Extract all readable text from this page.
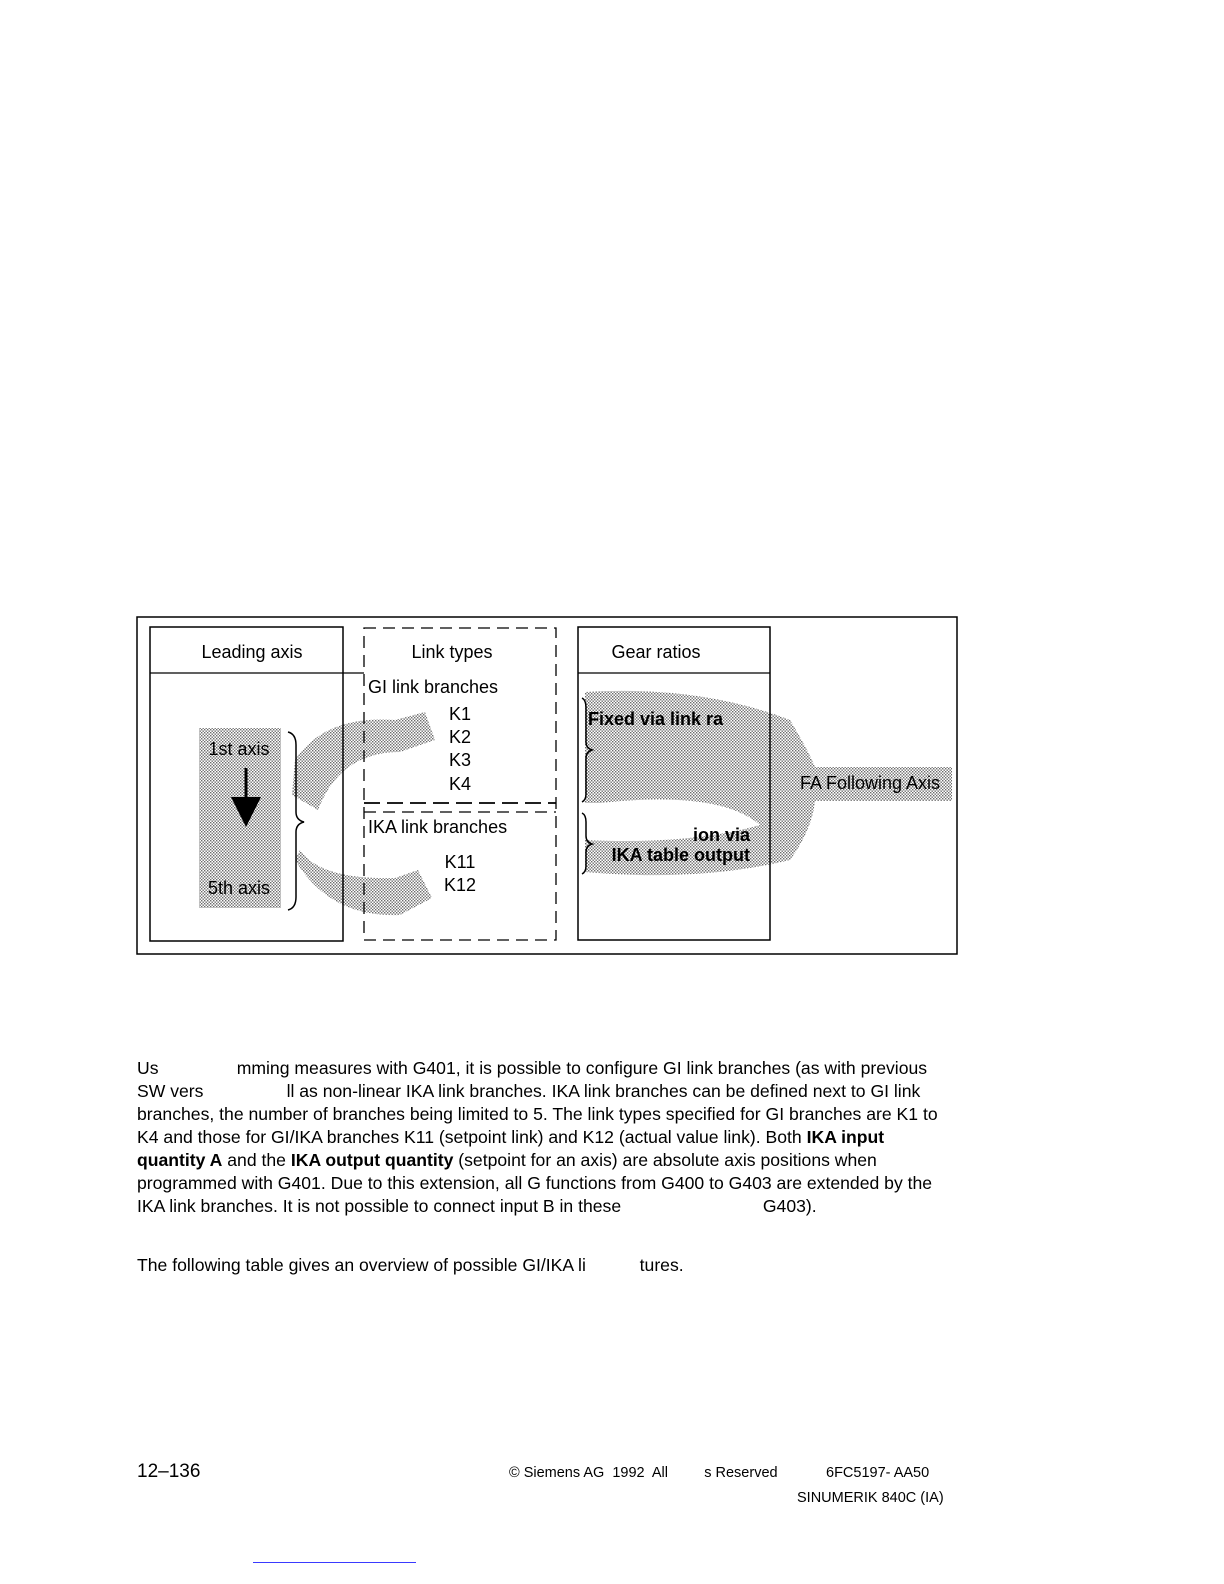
Leading axis	Link types	Gear ratios
GI link branches
K1
K2
K3
K4
IKA link branches
K11
K12
1st axis
5th axis
Fixed via link ra
ion via
IKA table output
FA Following Axis

Us                mming measures with G401, it is possible to configure GI link branches (as with previous SW vers                 ll as non-linear IKA link branches. IKA link branches can be defined next to GI link branches, the number of branches being limited to 5. The link types specified for GI branches are K1 to K4 and those for GI/IKA branches K11 (setpoint link) and K12 (actual value link). Both IKA input quantity A and the IKA output quantity (setpoint for an axis) are absolute axis positions when programmed with G401. Due to this extension, all G functions from G400 to G403 are extended by the IKA link branches. It is not possible to connect input B in these                             G403).

The following table gives an overview of possible GI/IKA li           tures.

12–136	© Siemens AG  1992  All         s Reserved	6FC5197- AA50
SINUMERIK 840C (IA)
